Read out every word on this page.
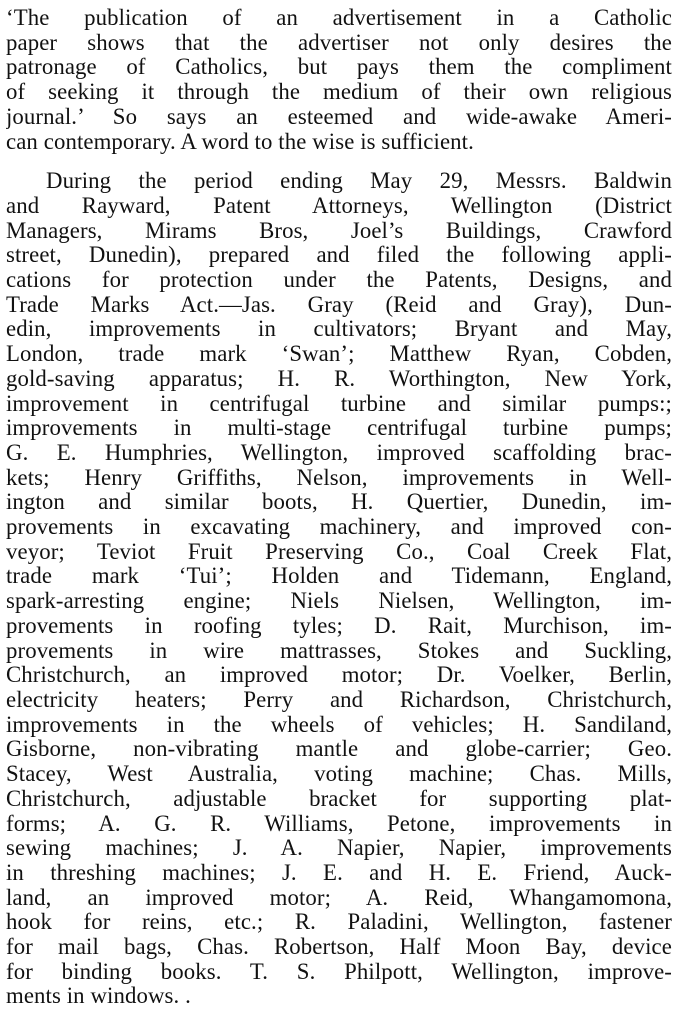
‘The publication of an advertisement in a Catholic
paper shows that the advertiser not only desires the
patronage of Catholics, but pays them the compliment
of seeking it through the medium of their own religious
journal.’ So says an esteemed and wide-awake Ameri-
can contemporary. A word to the wise is sufficient.
During the period ending May 29, Messrs. Baldwin
and Rayward, Patent Attorneys, Wellington (District
Managers, Mirams Bros, Joel’s Buildings, Crawford
street, Dunedin), prepared and filed the following appli-
cations for protection under the Patents, Designs, and
Trade Marks Act.—Jas. Gray (Reid and Gray), Dun-
edin, improvements in cultivators; Bryant and May,
London, trade mark ‘Swan’; Matthew Ryan, Cobden,
gold-saving apparatus; H. R. Worthington, New York,
improvement in centrifugal turbine and similar pumps:;
improvements in multi-stage centrifugal turbine pumps;
G. E. Humphries, Wellington, improved scaffolding brac-
kets; Henry Griffiths, Nelson, improvements in Well-
ington and similar boots, H. Quertier, Dunedin, im-
provements in excavating machinery, and improved con-
veyor; Teviot Fruit Preserving Co., Coal Creek Flat,
trade mark ‘Tui’; Holden and Tidemann, England,
spark-arresting engine; Niels Nielsen, Wellington, im-
provements in roofing tyles; D. Rait, Murchison, im-
provements in wire mattrasses, Stokes and Suckling,
Christchurch, an improved motor; Dr. Voelker, Berlin,
electricity heaters; Perry and Richardson, Christchurch,
improvements in the wheels of vehicles; H. Sandiland,
Gisborne, non-vibrating mantle and globe-carrier; Geo.
Stacey, West Australia, voting machine; Chas. Mills,
Christchurch, adjustable bracket for supporting plat-
forms; A. G. R. Williams, Petone, improvements in
sewing machines; J. A. Napier, Napier, improvements
in threshing machines; J. E. and H. E. Friend, Auck-
land, an improved motor; A. Reid, Whangamomona,
hook for reins, etc.; R. Paladini, Wellington, fastener
for mail bags, Chas. Robertson, Half Moon Bay, device
for binding books. T. S. Philpott, Wellington, improve-
ments in windows. .
